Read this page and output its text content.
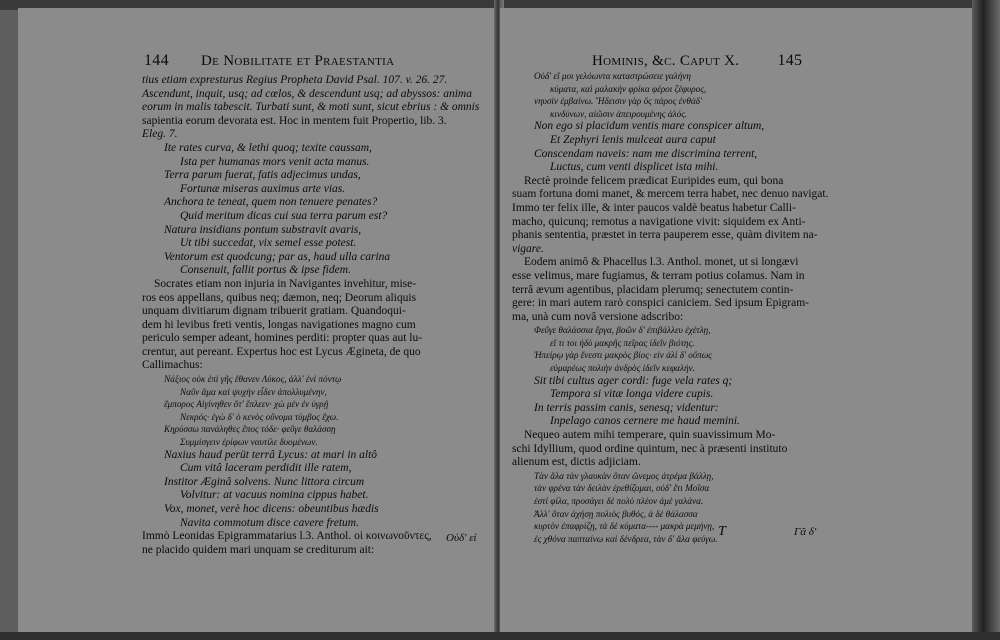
144 De Nobilitate et Praestantia

tius etiam expresturus Regius Propheta David Psal. 107. v. 26. 27.

Ascendunt, inquit, usq; ad cœlos, & descendunt usq; ad abyssos: anima

eorum in malis tabescit. Turbati sunt, & moti sunt, sicut ebrius : & omnis

sapientia eorum devorata est. Hoc in mentem fuit Propertio, lib. 3.

Eleg. 7.

Ite rates curva, & lethi quoq; texite caussam,

Ista per humanas mors venit acta manus.

Terra parum fuerat, fatis adjecimus undas,

Fortunæ miseras auximus arte vias.

Anchora te teneat, quem non tenuere penates?

Quid meritum dicas cui sua terra parum est?

Natura insidians pontum substravit avaris,

Ut tibi succedat, vix semel esse potest.

Ventorum est quodcung; par as, haud ulla carina

Consenuit, fallit portus & ipse fidem.

Socrates etiam non injuria in Navigantes invehitur, mise-

ros eos appellans, quibus neq; dæmon, neq; Deorum aliquis

unquam divitiarum dignam tribuerit gratiam. Quandoqui-

dem hi levibus freti ventis, longas navigationes magno cum

periculo semper adeant, homines perditi: propter quas aut lu-

crentur, aut pereant. Expertus hoc est Lycus Ægineta, de quo

Callimachus:

Νάξιος οὐκ ἐπὶ γῆς ἔθανεν Λύκος, ἀλλ' ἐνὶ πόντῳ

Ναῦν ἅμα καὶ ψυχὴν εἶδεν ἀπολλυμένην,

ἔμπορος Αἰγίνηθεν ὅτ' ἔπλεεν· χὼ μὲν ἐν ὑγρῇ

Νεκρός· ἐγὼ δ' ὁ κενὸς οὔνομα τύμβος ἔχω.

Κηρύσσω πανάληθες ἔπος τόδε· φεῦγε θαλάσσῃ

Συμμίσγειν ἐρίφων ναυτίλε δυομένων.

Naxius haud perüt terrâ Lycus: at mari in altô

Cum vitâ laceram perdidit ille ratem,

Institor Æginâ solvens. Nunc littora circum

Volvitur: at vacuus nomina cippus habet.

Vox, monet, verè hoc dicens: obeuntibus hædis

Navita commotum disce cavere fretum.

Immò Leonidas Epigrammatarius l.3. Anthol. οἱ κοινωνοῦντες,

ne placido quidem mari unquam se crediturum ait:

Οὐδ' εἰ
Hominis, &c. Caput X. 145

Οὐδ' εἴ μοι γελόωντα καταστρώσειε γαλήνη

κύματα, καὶ μαλακὴν φρίκα φέροι ζέφυρος,

νηυσὶν ἐμβαίνω. Ἤδεισιν γὰρ ὅς πάρος ἐνθάδ'

κινδύνων, αἰῶσιν ἀπειρουμένης ἁλός.

Non ego si placidum ventis mare conspicer altum,

Et Zephyri lenis mulceat aura caput

Conscendam naveis: nam me discrimina terrent,

Luctus, cum venti displicet ista mihi.

Rectè proinde felicem prædicat Euripides eum, qui bona

suam fortuna domi manet, & mercem terra habet, nec denuo navigat.

Immo ter felix ille, & inter paucos valdè beatus habetur Calli-

macho, quicunq; remotus a navigatione vivit: siquidem ex Anti-

phanis sententia, præstet in terra pauperem esse, quàm divitem na-

vigare.

Eodem animô & Phacellus l.3. Anthol. monet, ut si longævi

esse velimus, mare fugiamus, & terram potius colamus. Nam in

terrâ ævum agentibus, placidam plerumq; senectutem contin-

gere: in mari autem rarò conspici caniciem. Sed ipsum Epigram-

ma, unà cum novâ versione adscribo:

Φεῦγε θαλάσσια ἔργα, βοῶν δ' ἐπιβάλλευ ἐχέτλῃ,

εἴ τι τοι ἡδὺ μακρῆς πεῖρας ἰδεῖν βιότης.

Ἠπείρῳ γὰρ ἔνεστι μακρὸς βίος· εἰν ἁλὶ δ' οὔπως

εὐμαρέως πολιὴν ἀνδρὸς ἰδεῖν κεφαλήν.

Sit tibi cultus ager cordi: fuge vela rates q;

Tempora si vitæ longa videre cupis.

In terris passim canis, senesq; videntur:

Inpelago canos cernere me haud memini.

Nequeo autem mihi temperare, quin suavissimum Mo-

schi Idyllium, quod ordine quintum, nec à præsenti instituto

alienum est, dictis adjiciam.

Τὰν ἅλα τὰν γλαυκὰν ὅταν ὥνεμος ἀτρέμα βάλλῃ,

τὰν φρένα τὰν δειλὰν ἐρεθίζομαι, οὐδ' ἔτι Μοῖσα

ἐστὶ φίλα, προσάγει δὲ πολὺ πλέον ἁμὲ γαλάνα.

Ἀλλ' ὅταν ἀχήσῃ πολιὸς βυθός, ἁ δὲ θάλασσα

κυρτὸν ἐπαφρίζῃ, τὰ δὲ κύματα---- μακρὰ μεμήνῃ,

ἐς χθόνα παπταίνω καὶ δένδρεα, τὰν δ' ἅλα φεύγω. T	Γᾶ δ'
